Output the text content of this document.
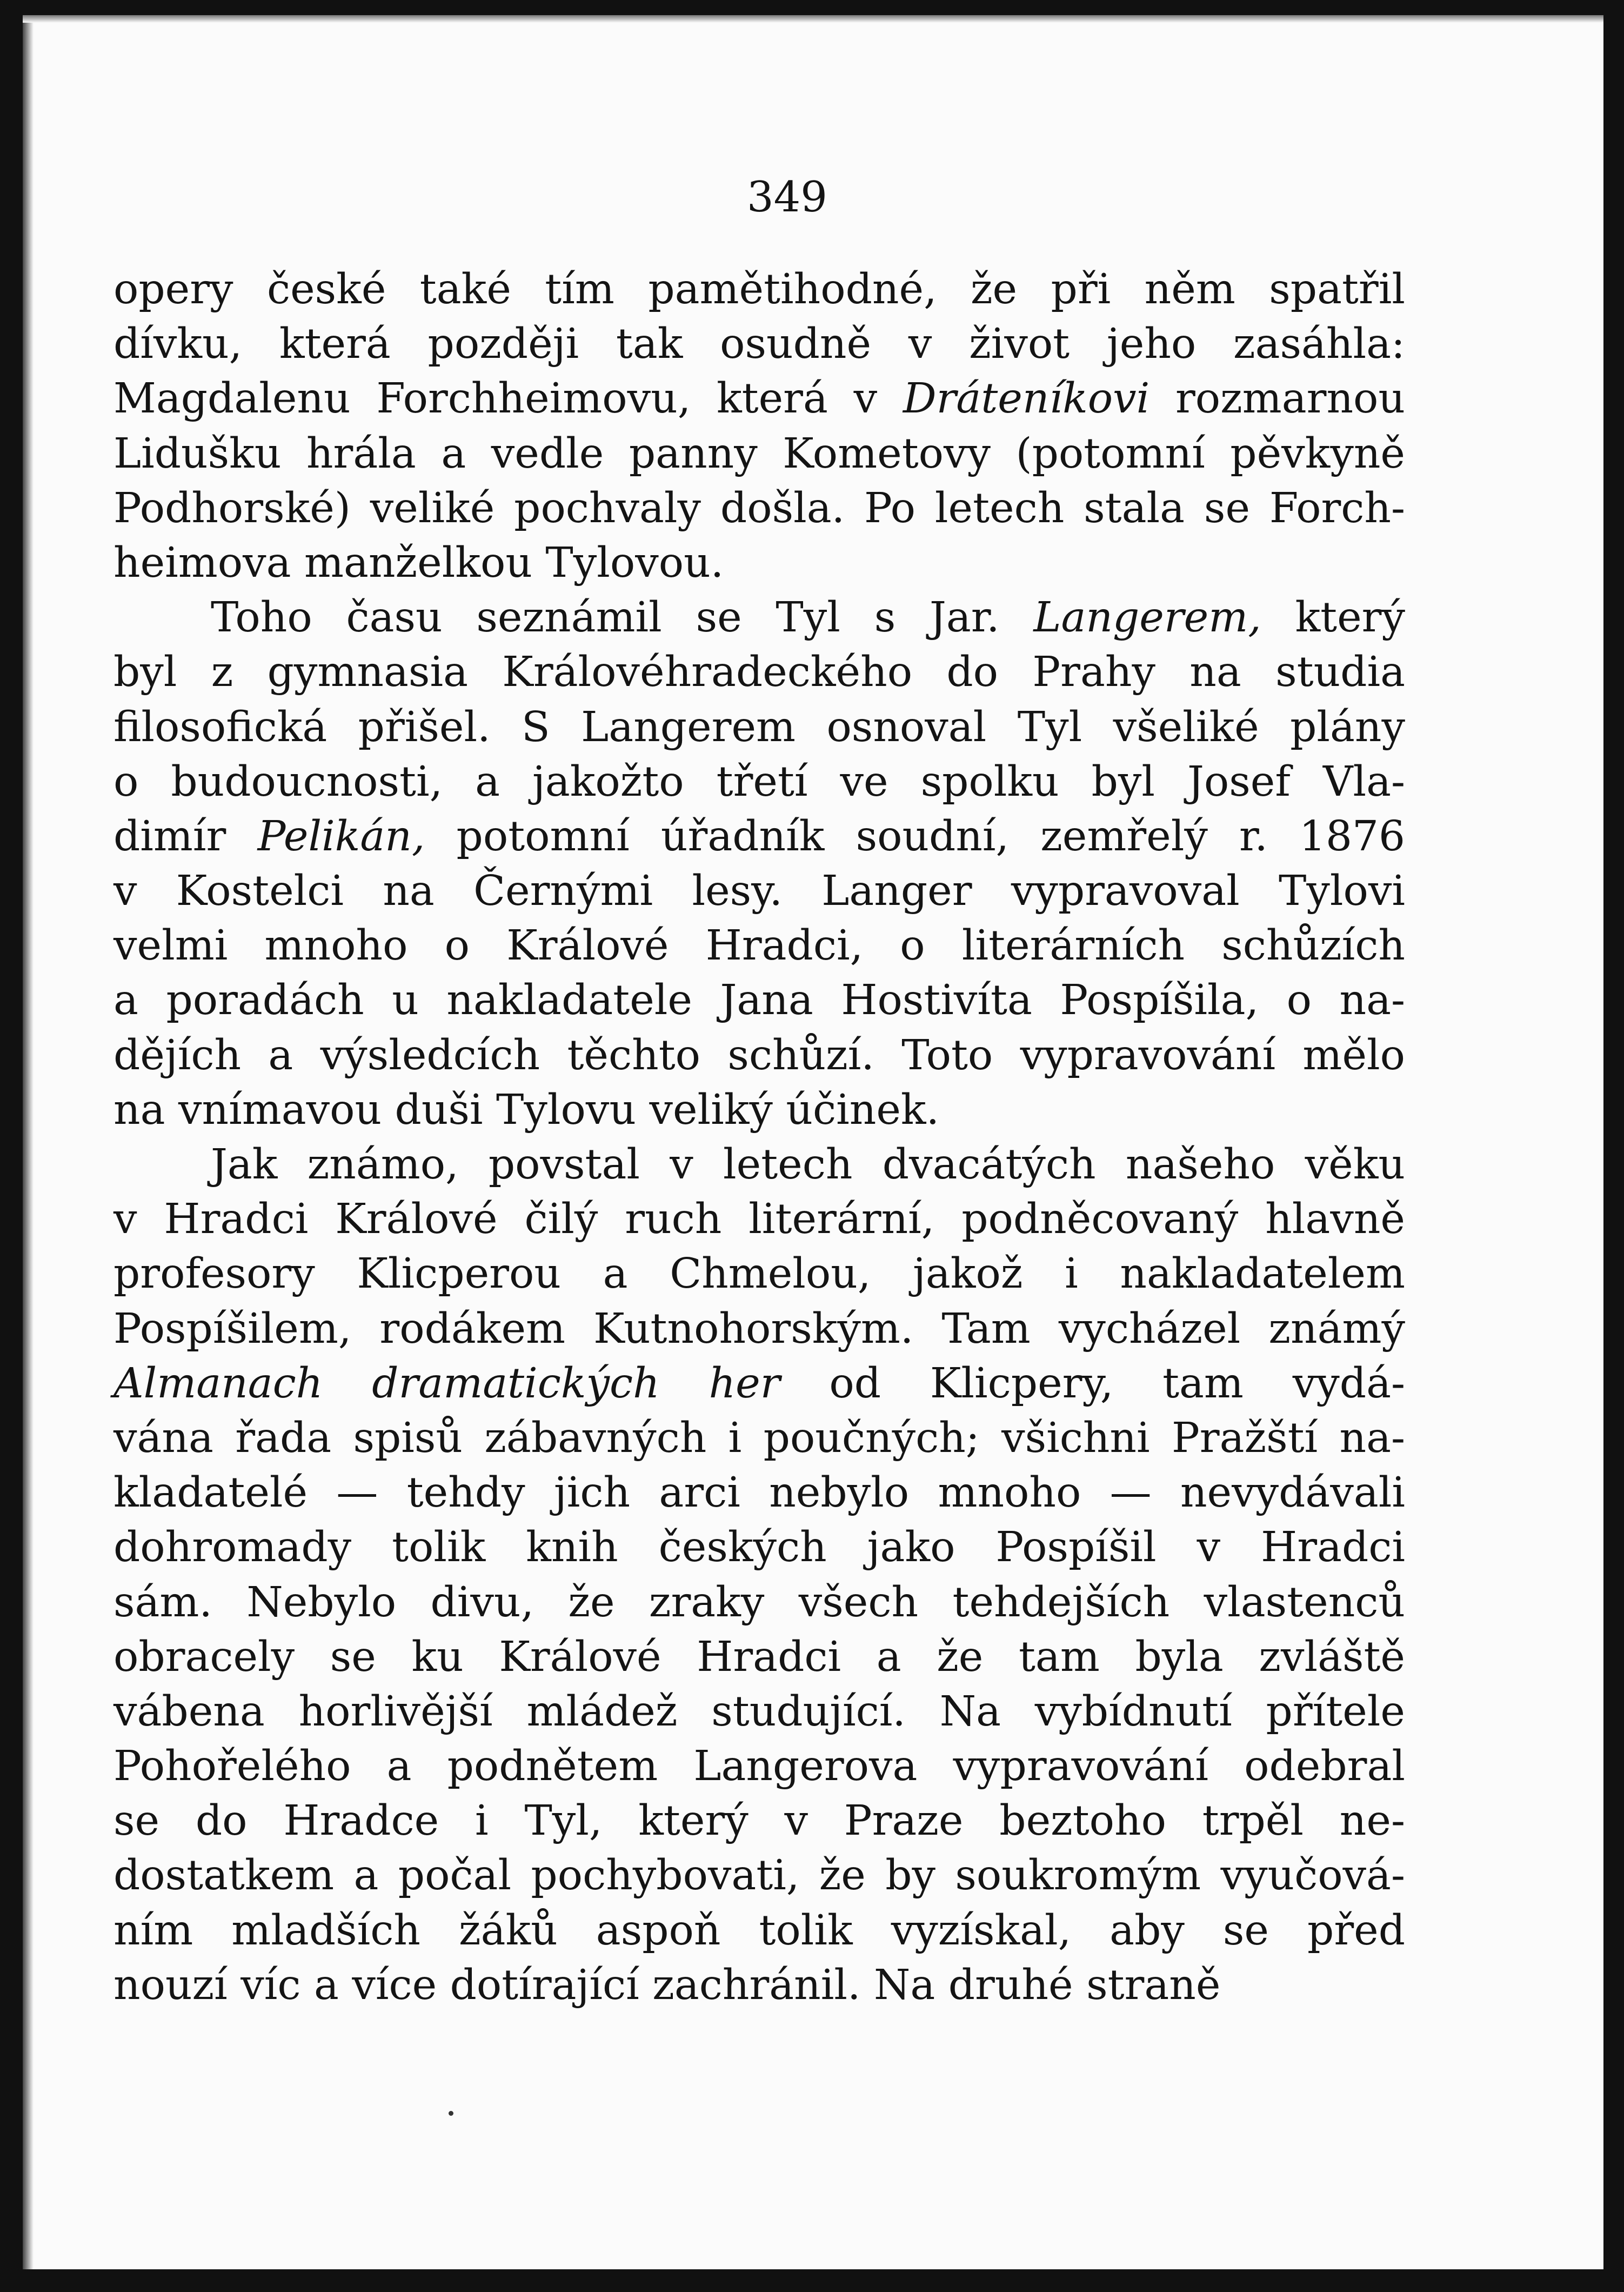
349
opery české také tím pamětihodné, že při něm spatřil
dívku, která později tak osudně v život jeho zasáhla:
Magdalenu Forchheimovu, která v Dráteníkovi rozmarnou
Lidušku hrála a vedle panny Kometovy (potomní pěvkyně
Podhorské) veliké pochvaly došla. Po letech stala se Forch-
heimova manželkou Tylovou.
Toho času seznámil se Tyl s Jar. Langerem, který
byl z gymnasia Královéhradeckého do Prahy na studia
filosofická přišel. S Langerem osnoval Tyl všeliké plány
o budoucnosti, a jakožto třetí ve spolku byl Josef Vla-
dimír Pelikán, potomní úřadník soudní, zemřelý r. 1876
v Kostelci na Černými lesy. Langer vypravoval Tylovi
velmi mnoho o Králové Hradci, o literárních schůzích
a poradách u nakladatele Jana Hostivíta Pospíšila, o na-
dějích a výsledcích těchto schůzí. Toto vypravování mělo
na vnímavou duši Tylovu veliký účinek.
Jak známo, povstal v letech dvacátých našeho věku
v Hradci Králové čilý ruch literární, podněcovaný hlavně
profesory Klicperou a Chmelou, jakož i nakladatelem
Pospíšilem, rodákem Kutnohorským. Tam vycházel známý
Almanach dramatických her od Klicpery, tam vydá-
vána řada spisů zábavných i poučných; všichni Pražští na-
kladatelé — tehdy jich arci nebylo mnoho — nevydávali
dohromady tolik knih českých jako Pospíšil v Hradci
sám. Nebylo divu, že zraky všech tehdejších vlastenců
obracely se ku Králové Hradci a že tam byla zvláště
vábena horlivější mládež studující. Na vybídnutí přítele
Pohořelého a podnětem Langerova vypravování odebral
se do Hradce i Tyl, který v Praze beztoho trpěl ne-
dostatkem a počal pochybovati, že by soukromým vyučová-
ním mladších žáků aspoň tolik vyzískal, aby se před
nouzí víc a více dotírající zachránil. Na druhé straně
